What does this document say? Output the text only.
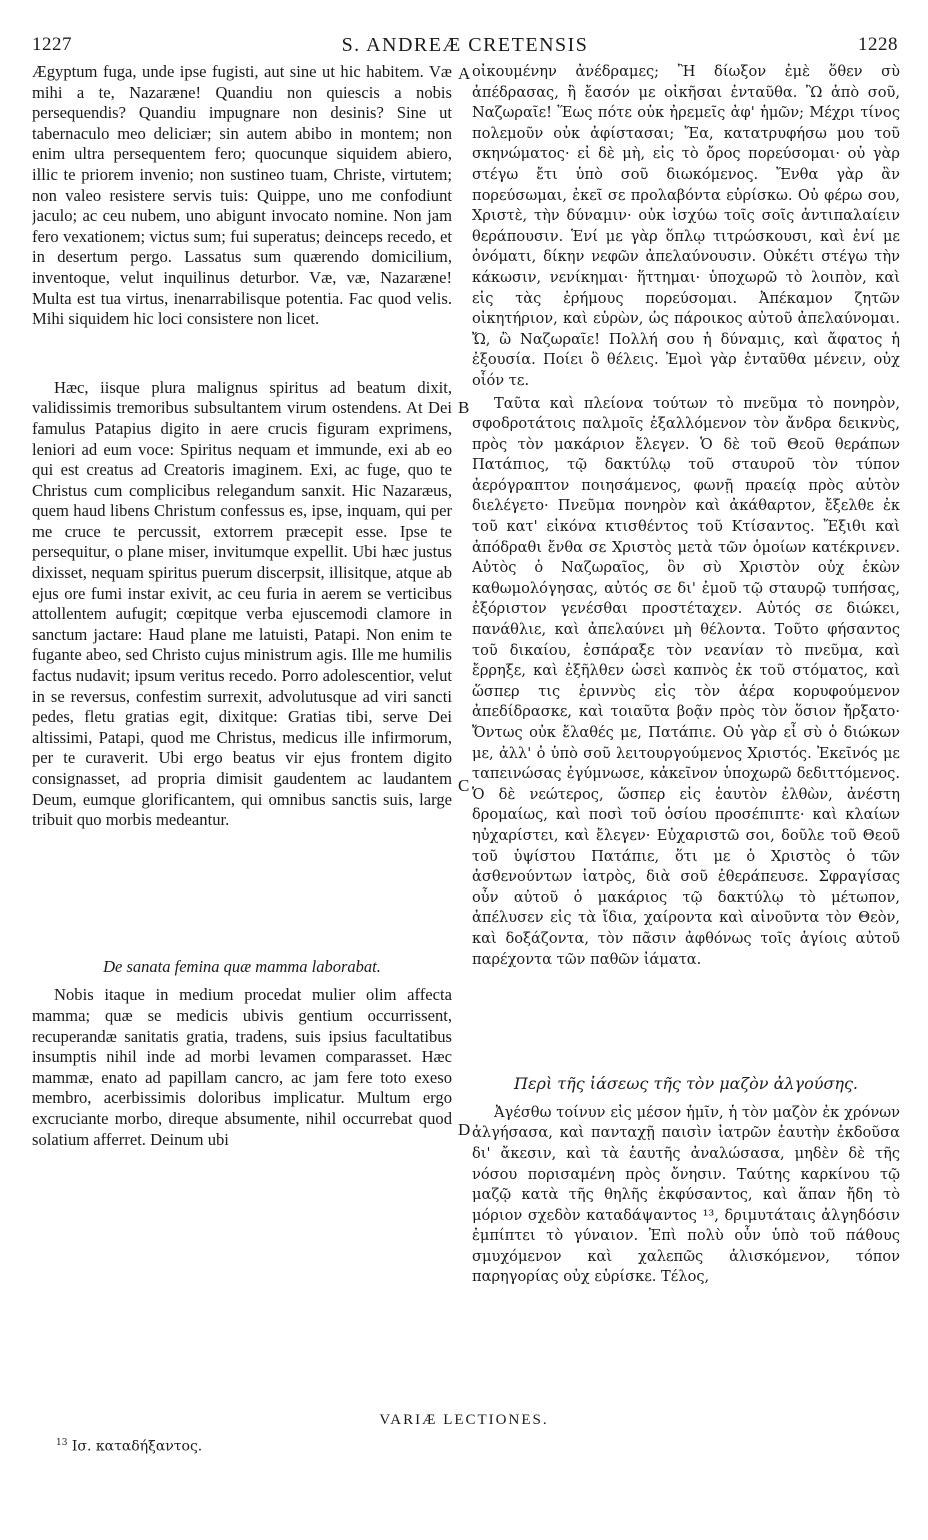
1227	S. ANDREÆ CRETENSIS	1228

Ægyptum fuga, unde ipse fugisti, aut sine ut hic habitem. Væ mihi a te, Nazaræne! Quandiu non quiescis a nobis persequendis? Quandiu impugnare non desinis? Sine ut tabernaculo meo deliciær; sin autem abibo in montem; non enim ultra persequentem fero; quocunque siquidem abiero, illic te priorem invenio; non sustineo tuam, Christe, virtutem; non valeo resistere servis tuis: Quippe, uno me confodiunt jaculo; ac ceu nubem, uno abigunt invocato nomine. Non jam fero vexationem; victus sum; fui superatus; deinceps recedo, et in desertum pergo. Lassatus sum quærendo domicilium, inventoque, velut inquilinus deturbor. Væ, væ, Nazaræne! Multa est tua virtus, inenarrabilisque potentia. Fac quod velis. Mihi siquidem hic loci consistere non licet.

Hæc, iisque plura malignus spiritus ad beatum dixit, validissimis tremoribus subsultantem virum ostendens. At Dei famulus Patapius digito in aere crucis figuram exprimens, leniori ad eum voce: Spiritus nequam et immunde, exi ab eo qui est creatus ad Creatoris imaginem. Exi, ac fuge, quo te Christus cum complicibus relegandum sanxit. Hic Nazaræus, quem haud libens Christum confessus es, ipse, inquam, qui per me cruce te percussit, extorrem præcepit esse. Ipse te persequitur, o plane miser, invitumque expellit. Ubi hæc justus dixisset, nequam spiritus puerum discerpsit, illisitque, atque ab ejus ore fumi instar exivit, ac ceu furia in aerem se verticibus attollentem aufugit; cœpitque verba ejuscemodi clamore in sanctum jactare: Haud plane me latuisti, Patapi. Non enim te fugante abeo, sed Christo cujus ministrum agis. Ille me humilis factus nudavit; ipsum veritus recedo. Porro adolescentior, velut in se reversus, confestim surrexit, advolutusque ad viri sancti pedes, fletu gratias egit, dixitque: Gratias tibi, serve Dei altissimi, Patapi, quod me Christus, medicus ille infirmorum, per te curaverit. Ubi ergo beatus vir ejus frontem digito consignasset, ad propria dimisit gaudentem ac laudantem Deum, eumque glorificantem, qui omnibus sanctis suis, large tribuit quo morbis medeantur.

De sanata femina quæ mamma laborabat.

Nobis itaque in medium procedat mulier olim affecta mamma; quæ se medicis ubivis gentium occurrissent, recuperandæ sanitatis gratia, tradens, suis ipsius facultatibus insumptis nihil inde ad morbi levamen comparasset. Hæc mammæ, enato ad papillam cancro, ac jam fere toto exeso membro, acerbissimis doloribus implicatur. Multum ergo excruciante morbo, direque absumente, nihil occurrebat quod solatium afferret. Deinum ubi

οἰκουμένην ἀνέδραμες; Ἢ δίωξον ἐμὲ ὅθεν σὺ ἀπέδρασας, ἢ ἔασόν με οἰκῆσαι ἐνταῦθα. Ὢ ἀπὸ σοῦ, Ναζωραῖε! Ἕως πότε οὐκ ἠρεμεῖς ἀφ' ἡμῶν; Μέχρι τίνος πολεμοῦν οὐκ ἀφίστασαι; Ἔα, κατατρυφήσω μου τοῦ σκηνώματος· εἰ δὲ μὴ, εἰς τὸ ὄρος πορεύσομαι· οὐ γὰρ στέγω ἔτι ὑπὸ σοῦ διωκόμενος. Ἔνθα γὰρ ἂν πορεύσωμαι, ἐκεῖ σε προλαβόντα εὑρίσκω. Οὐ φέρω σου, Χριστὲ, τὴν δύναμιν· οὐκ ἰσχύω τοῖς σοῖς ἀντιπαλαίειν θεράπουσιν. Ἑνί με γὰρ ὅπλῳ τιτρώσκουσι, καὶ ἑνί με ὀνόματι, δίκην νεφῶν ἀπελαύνουσιν. Οὐκέτι στέγω τὴν κάκωσιν, νενίκημαι· ἥττημαι· ὑποχωρῶ τὸ λοιπὸν, καὶ εἰς τὰς ἐρήμους πορεύσομαι. Ἀπέκαμον ζητῶν οἰκητήριον, καὶ εὑρὼν, ὡς πάροικος αὐτοῦ ἀπελαύνομαι. Ὤ, ὢ Ναζωραῖε! Πολλή σου ἡ δύναμις, καὶ ἄφατος ἡ ἐξουσία. Ποίει ὃ θέλεις. Ἐμοὶ γὰρ ἐνταῦθα μένειν, οὐχ οἷόν τε.

Ταῦτα καὶ πλείονα τούτων τὸ πνεῦμα τὸ πονηρὸν, σφοδροτάτοις παλμοῖς ἐξαλλόμενον τὸν ἄνδρα δεικνὺς, πρὸς τὸν μακάριον ἔλεγεν. Ὁ δὲ τοῦ Θεοῦ θεράπων Πατάπιος, τῷ δακτύλῳ τοῦ σταυροῦ τὸν τύπον ἀερόγραπτον ποιησάμενος, φωνῇ πραείᾳ πρὸς αὐτὸν διελέγετο· Πνεῦμα πονηρὸν καὶ ἀκάθαρτον, ἔξελθε ἐκ τοῦ κατ' εἰκόνα κτισθέντος τοῦ Κτίσαντος. Ἔξιθι καὶ ἀπόδραθι ἔνθα σε Χριστὸς μετὰ τῶν ὁμοίων κατέκρινεν. Αὐτὸς ὁ Ναζωραῖος, ὃν σὺ Χριστὸν οὐχ ἑκὼν καθωμολόγησας, αὐτός σε δι' ἐμοῦ τῷ σταυρῷ τυπήσας, ἐξόριστον γενέσθαι προστέταχεν. Αὐτός σε διώκει, πανάθλιε, καὶ ἀπελαύνει μὴ θέλοντα. Τοῦτο φήσαντος τοῦ δικαίου, ἐσπάραξε τὸν νεανίαν τὸ πνεῦμα, καὶ ἔρρηξε, καὶ ἐξῆλθεν ὡσεὶ καπνὸς ἐκ τοῦ στόματος, καὶ ὥσπερ τις ἐριννὺς εἰς τὸν ἀέρα κορυφούμενον ἀπεδίδρασκε, καὶ τοιαῦτα βοᾷν πρὸς τὸν ὅσιον ἤρξατο· Ὄντως οὐκ ἔλαθές με, Πατάπιε. Οὐ γὰρ εἶ σὺ ὁ διώκων με, ἀλλ' ὁ ὑπὸ σοῦ λειτουργούμενος Χριστός. Ἐκεῖνός με ταπεινώσας ἐγύμνωσε, κἀκεῖνον ὑποχωρῶ δεδιττόμενος. Ὁ δὲ νεώτερος, ὥσπερ εἰς ἑαυτὸν ἐλθὼν, ἀνέστη δρομαίως, καὶ ποσὶ τοῦ ὁσίου προσέπιπτε· καὶ κλαίων ηὐχαρίστει, καὶ ἔλεγεν· Εὐχαριστῶ σοι, δοῦλε τοῦ Θεοῦ τοῦ ὑψίστου Πατάπιε, ὅτι με ὁ Χριστὸς ὁ τῶν ἀσθενούντων ἰατρὸς, διὰ σοῦ ἐθεράπευσε. Σφραγίσας οὖν αὐτοῦ ὁ μακάριος τῷ δακτύλῳ τὸ μέτωπον, ἀπέλυσεν εἰς τὰ ἴδια, χαίροντα καὶ αἰνοῦντα τὸν Θεὸν, καὶ δοξάζοντα, τὸν πᾶσιν ἀφθόνως τοῖς ἁγίοις αὐτοῦ παρέχοντα τῶν παθῶν ἰάματα.

Περὶ τῆς ἰάσεως τῆς τὸν μαζὸν ἀλγούσης.

Ἀγέσθω τοίνυν εἰς μέσον ἡμῖν, ἡ τὸν μαζὸν ἐκ χρόνων ἀλγήσασα, καὶ πανταχῇ παισὶν ἰατρῶν ἑαυτὴν ἐκδοῦσα δι' ἄκεσιν, καὶ τὰ ἑαυτῆς ἀναλώσασα, μηδὲν δὲ τῆς νόσου πορισαμένη πρὸς ὄνησιν. Ταύτης καρκίνου τῷ μαζῷ κατὰ τῆς θηλῆς ἐκφύσαντος, καὶ ἅπαν ἤδη τὸ μόριον σχεδὸν καταδάψαντος ¹³, δριμυτάταις ἀλγηδόσιν ἐμπίπτει τὸ γύναιον. Ἐπὶ πολὺ οὖν ὑπὸ τοῦ πάθους σμυχόμενον καὶ χαλεπῶς ἁλισκόμενον, τόπον παρηγορίας οὐχ εὑρίσκε. Τέλος,

A
B
C
D
VARIÆ LECTIONES.
$^{13}$ Ισ. καταδήξαντος.
